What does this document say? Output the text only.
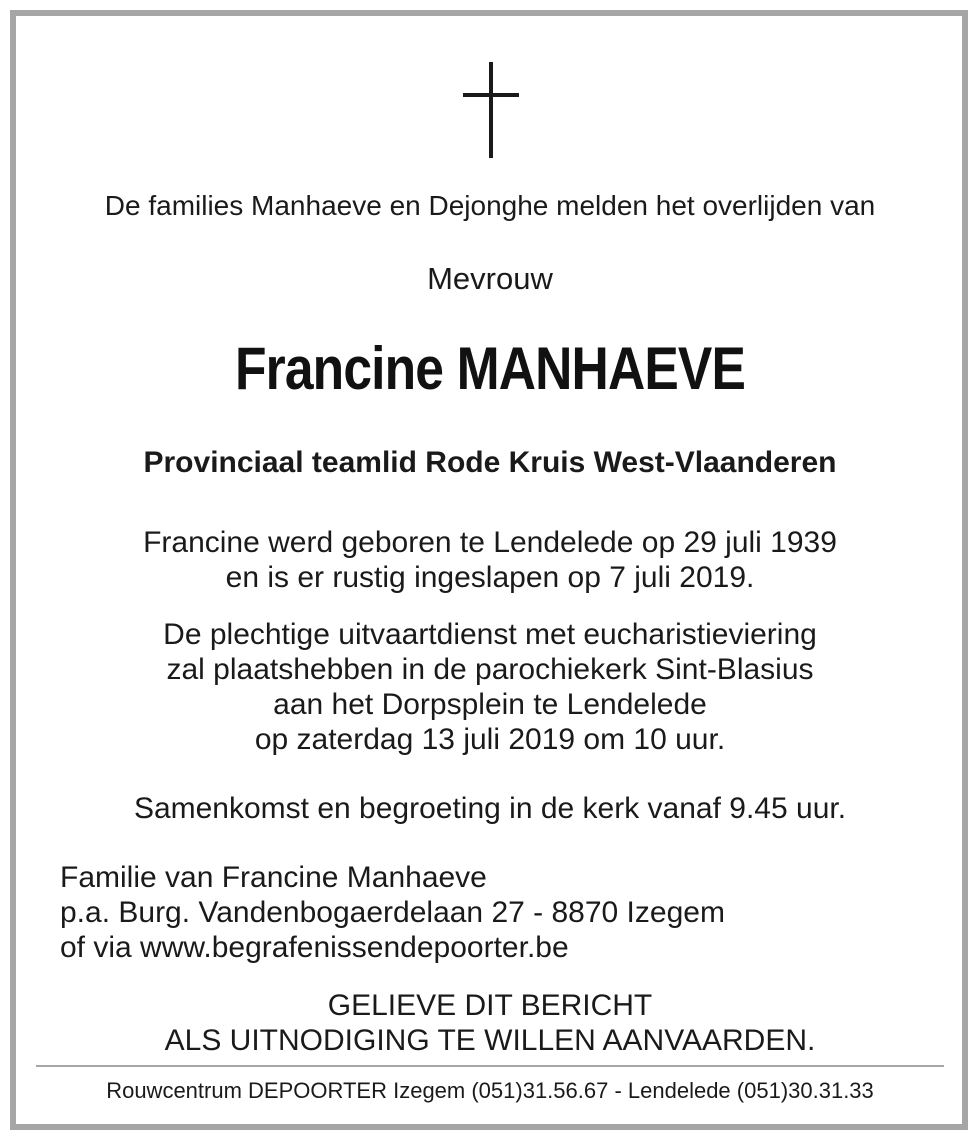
De families Manhaeve en Dejonghe melden het overlijden van
Mevrouw
Francine MANHAEVE
Provinciaal teamlid Rode Kruis West-Vlaanderen
Francine werd geboren te Lendelede op 29 juli 1939
en is er rustig ingeslapen op 7 juli 2019.
De plechtige uitvaartdienst met eucharistieviering
zal plaatshebben in de parochiekerk Sint-Blasius
aan het Dorpsplein te Lendelede
op zaterdag 13 juli 2019 om 10 uur.
Samenkomst en begroeting in de kerk vanaf 9.45 uur.
Familie van Francine Manhaeve
p.a. Burg. Vandenbogaerdelaan 27 - 8870 Izegem
of via www.begrafenissendepoorter.be
GELIEVE DIT BERICHT
ALS UITNODIGING TE WILLEN AANVAARDEN.
Rouwcentrum DEPOORTER Izegem (051)31.56.67 - Lendelede (051)30.31.33
